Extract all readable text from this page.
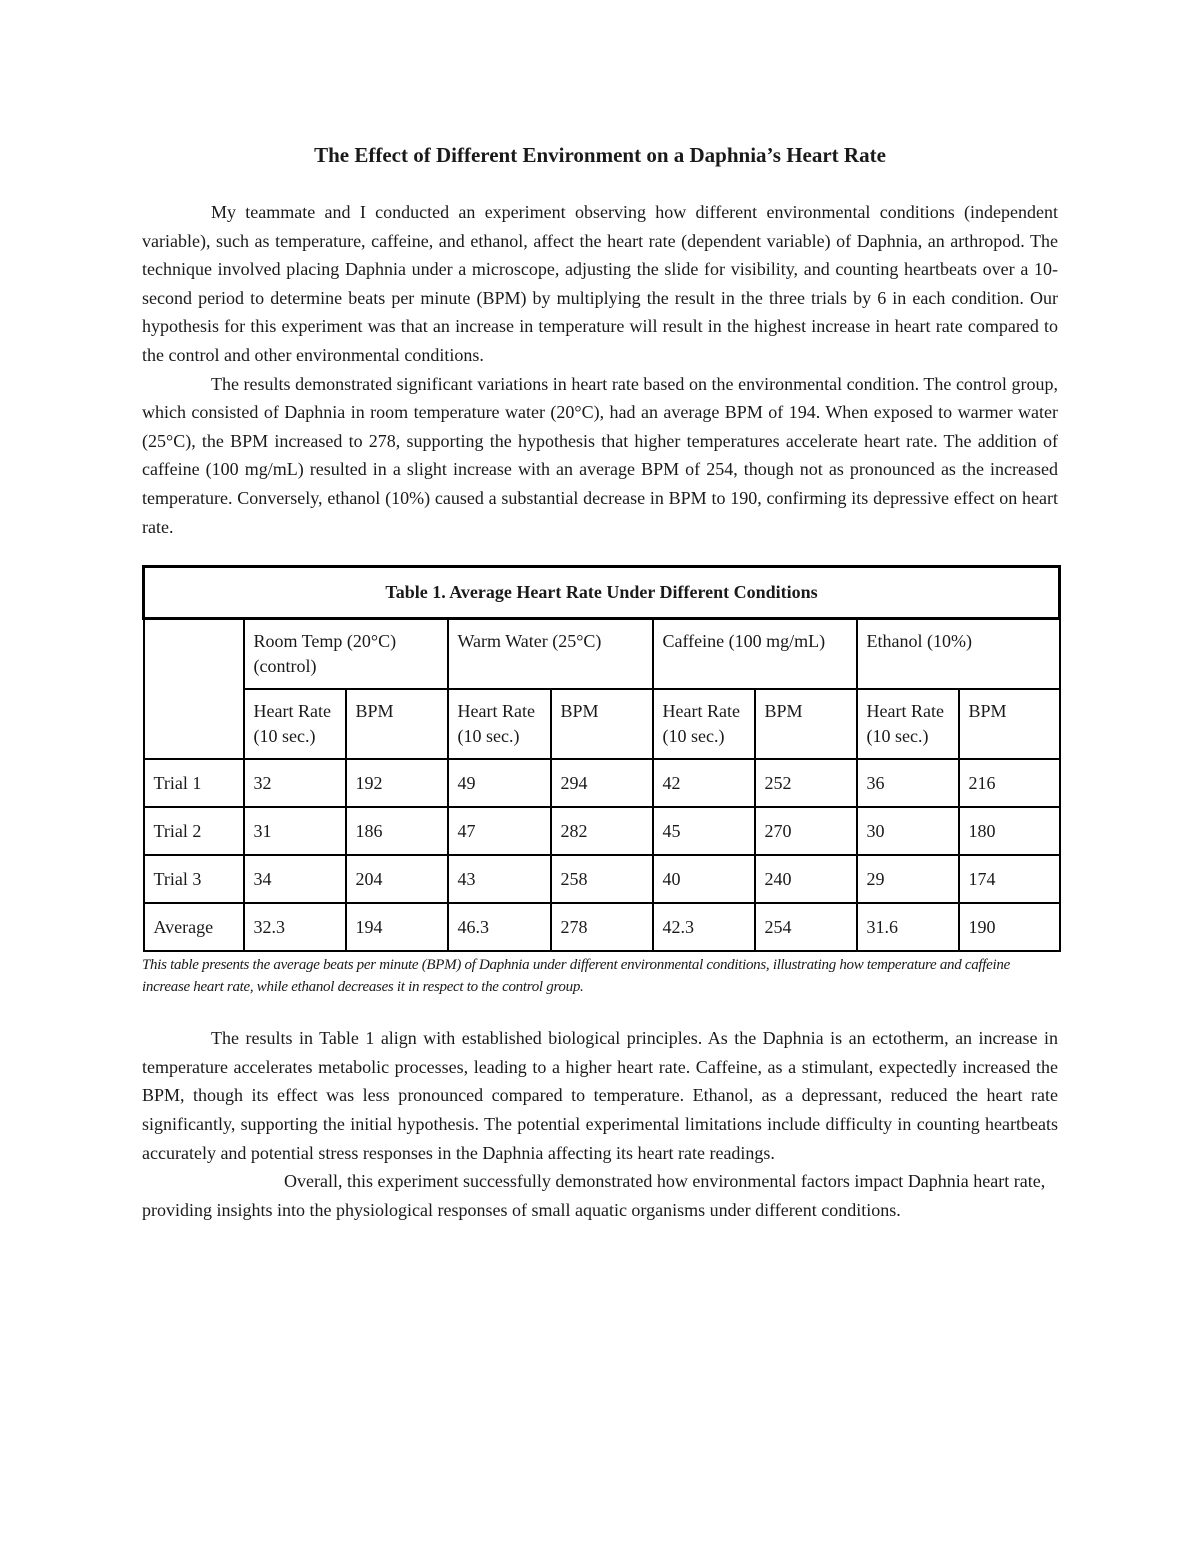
The Effect of Different Environment on a Daphnia’s Heart Rate

My teammate and I conducted an experiment observing how different environmental conditions (independent variable), such as temperature, caffeine, and ethanol, affect the heart rate (dependent variable) of Daphnia, an arthropod. The technique involved placing Daphnia under a microscope, adjusting the slide for visibility, and counting heartbeats over a 10-second period to determine beats per minute (BPM) by multiplying the result in the three trials by 6 in each condition. Our hypothesis for this experiment was that an increase in temperature will result in the highest increase in heart rate compared to the control and other environmental conditions.

The results demonstrated significant variations in heart rate based on the environmental condition. The control group, which consisted of Daphnia in room temperature water (20°C), had an average BPM of 194. When exposed to warmer water (25°C), the BPM increased to 278, supporting the hypothesis that higher temperatures accelerate heart rate. The addition of caffeine (100 mg/mL) resulted in a slight increase with an average BPM of 254, though not as pronounced as the increased temperature. Conversely, ethanol (10%) caused a substantial decrease in BPM to 190, confirming its depressive effect on heart rate.

Table 1. Average Heart Rate Under Different Conditions								
	Room Temp (20°C) (control)		Warm Water (25°C)		Caffeine (100 mg/mL)		Ethanol (10%)	
	Heart Rate (10 sec.)	BPM	Heart Rate (10 sec.)	BPM	Heart Rate (10 sec.)	BPM	Heart Rate (10 sec.)	BPM
Trial 1	32	192	49	294	42	252	36	216
Trial 2	31	186	47	282	45	270	30	180
Trial 3	34	204	43	258	40	240	29	174
Average	32.3	194	46.3	278	42.3	254	31.6	190

This table presents the average beats per minute (BPM) of Daphnia under different environmental conditions, illustrating how temperature and caffeine increase heart rate, while ethanol decreases it in respect to the control group.

The results in Table 1 align with established biological principles. As the Daphnia is an ectotherm, an increase in temperature accelerates metabolic processes, leading to a higher heart rate. Caffeine, as a stimulant, expectedly increased the BPM, though its effect was less pronounced compared to temperature. Ethanol, as a depressant, reduced the heart rate significantly, supporting the initial hypothesis. The potential experimental limitations include difficulty in counting heartbeats accurately and potential stress responses in the Daphnia affecting its heart rate readings.

Overall, this experiment successfully demonstrated how environmental factors impact Daphnia heart rate, providing insights into the physiological responses of small aquatic organisms under different conditions.
